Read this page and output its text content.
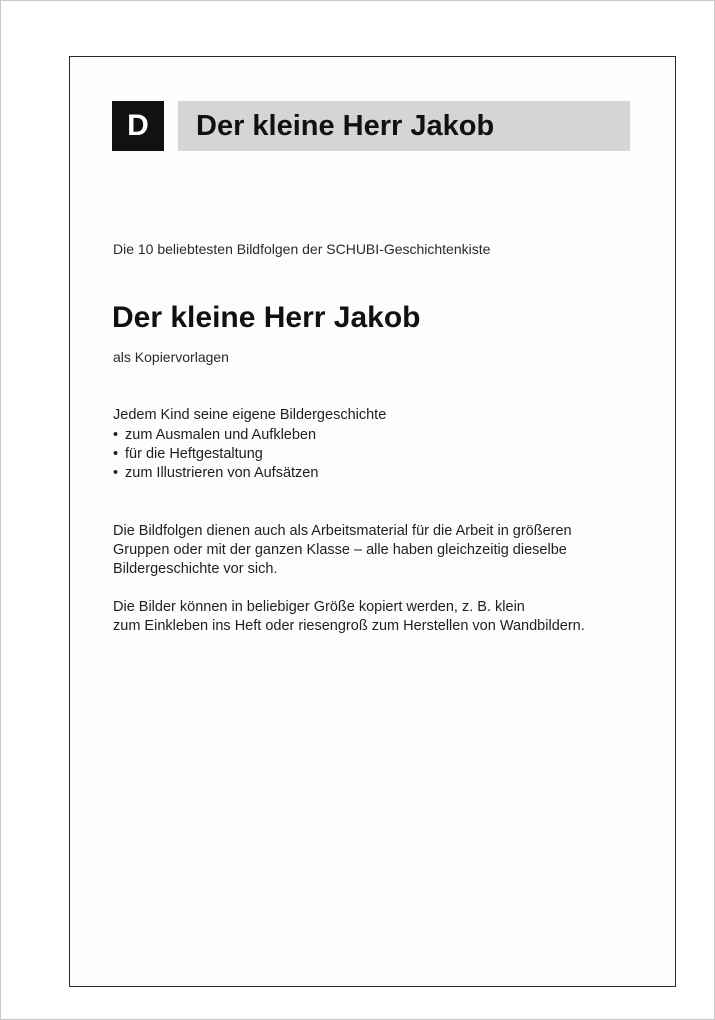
D	Der kleine Herr Jakob
Die 10 beliebtesten Bildfolgen der SCHUBI-Geschichtenkiste
Der kleine Herr Jakob
als Kopiervorlagen
Jedem Kind seine eigene Bildergeschichte
• zum Ausmalen und Aufkleben
• für die Heftgestaltung
• zum Illustrieren von Aufsätzen
Die Bildfolgen dienen auch als Arbeitsmaterial für die Arbeit in größeren
Gruppen oder mit der ganzen Klasse – alle haben gleichzeitig dieselbe
Bildergeschichte vor sich.
Die Bilder können in beliebiger Größe kopiert werden, z. B. klein
zum Einkleben ins Heft oder riesengroß zum Herstellen von Wandbildern.
